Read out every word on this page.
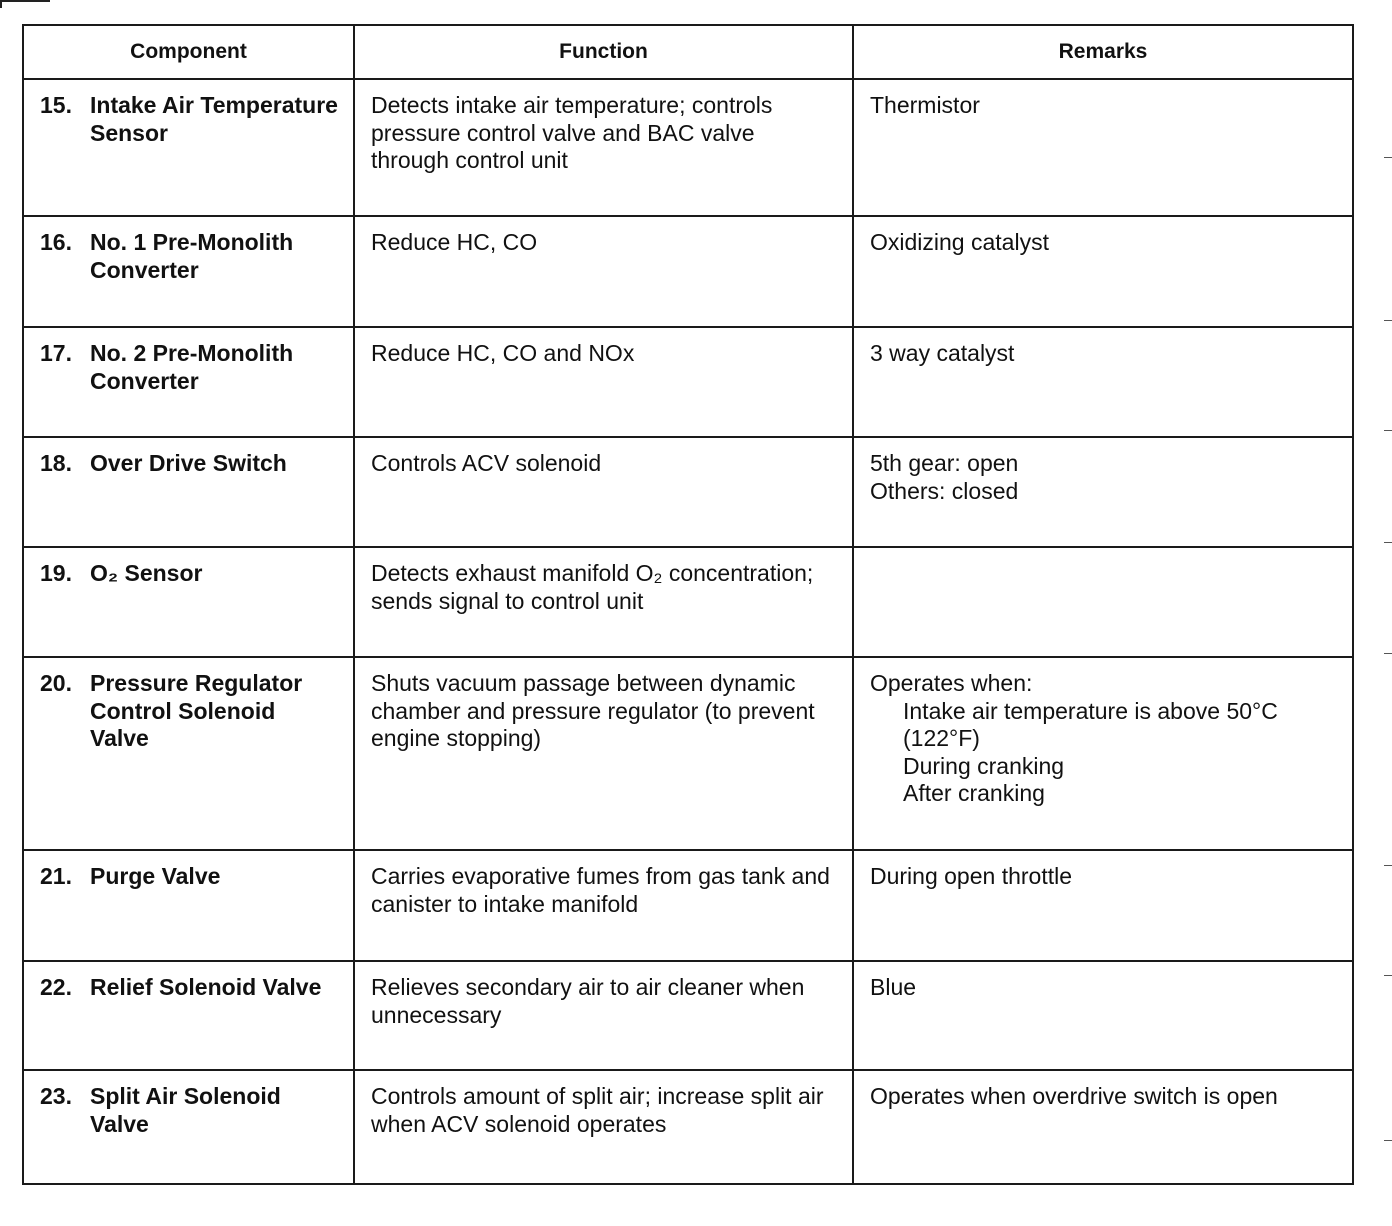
Component	Function	Remarks

15. Intake Air Temperature Sensor	Detects intake air temperature; controls pressure control valve and BAC valve through control unit	Thermistor

16. No. 1 Pre-Monolith Converter	Reduce HC, CO	Oxidizing catalyst

17. No. 2 Pre-Monolith Converter	Reduce HC, CO and NOx	3 way catalyst

18. Over Drive Switch	Controls ACV solenoid	5th gear: open
Others: closed

19. O₂ Sensor	Detects exhaust manifold O₂ concentration; sends signal to control unit	

20. Pressure Regulator Control Solenoid Valve	Shuts vacuum passage between dynamic chamber and pressure regulator (to prevent engine stopping)	Operates when:
Intake air temperature is above 50°C (122°F)
During cranking
After cranking

21. Purge Valve	Carries evaporative fumes from gas tank and canister to intake manifold	During open throttle

22. Relief Solenoid Valve	Relieves secondary air to air cleaner when unnecessary	Blue

23. Split Air Solenoid Valve	Controls amount of split air; increase split air when ACV solenoid operates	Operates when overdrive switch is open
